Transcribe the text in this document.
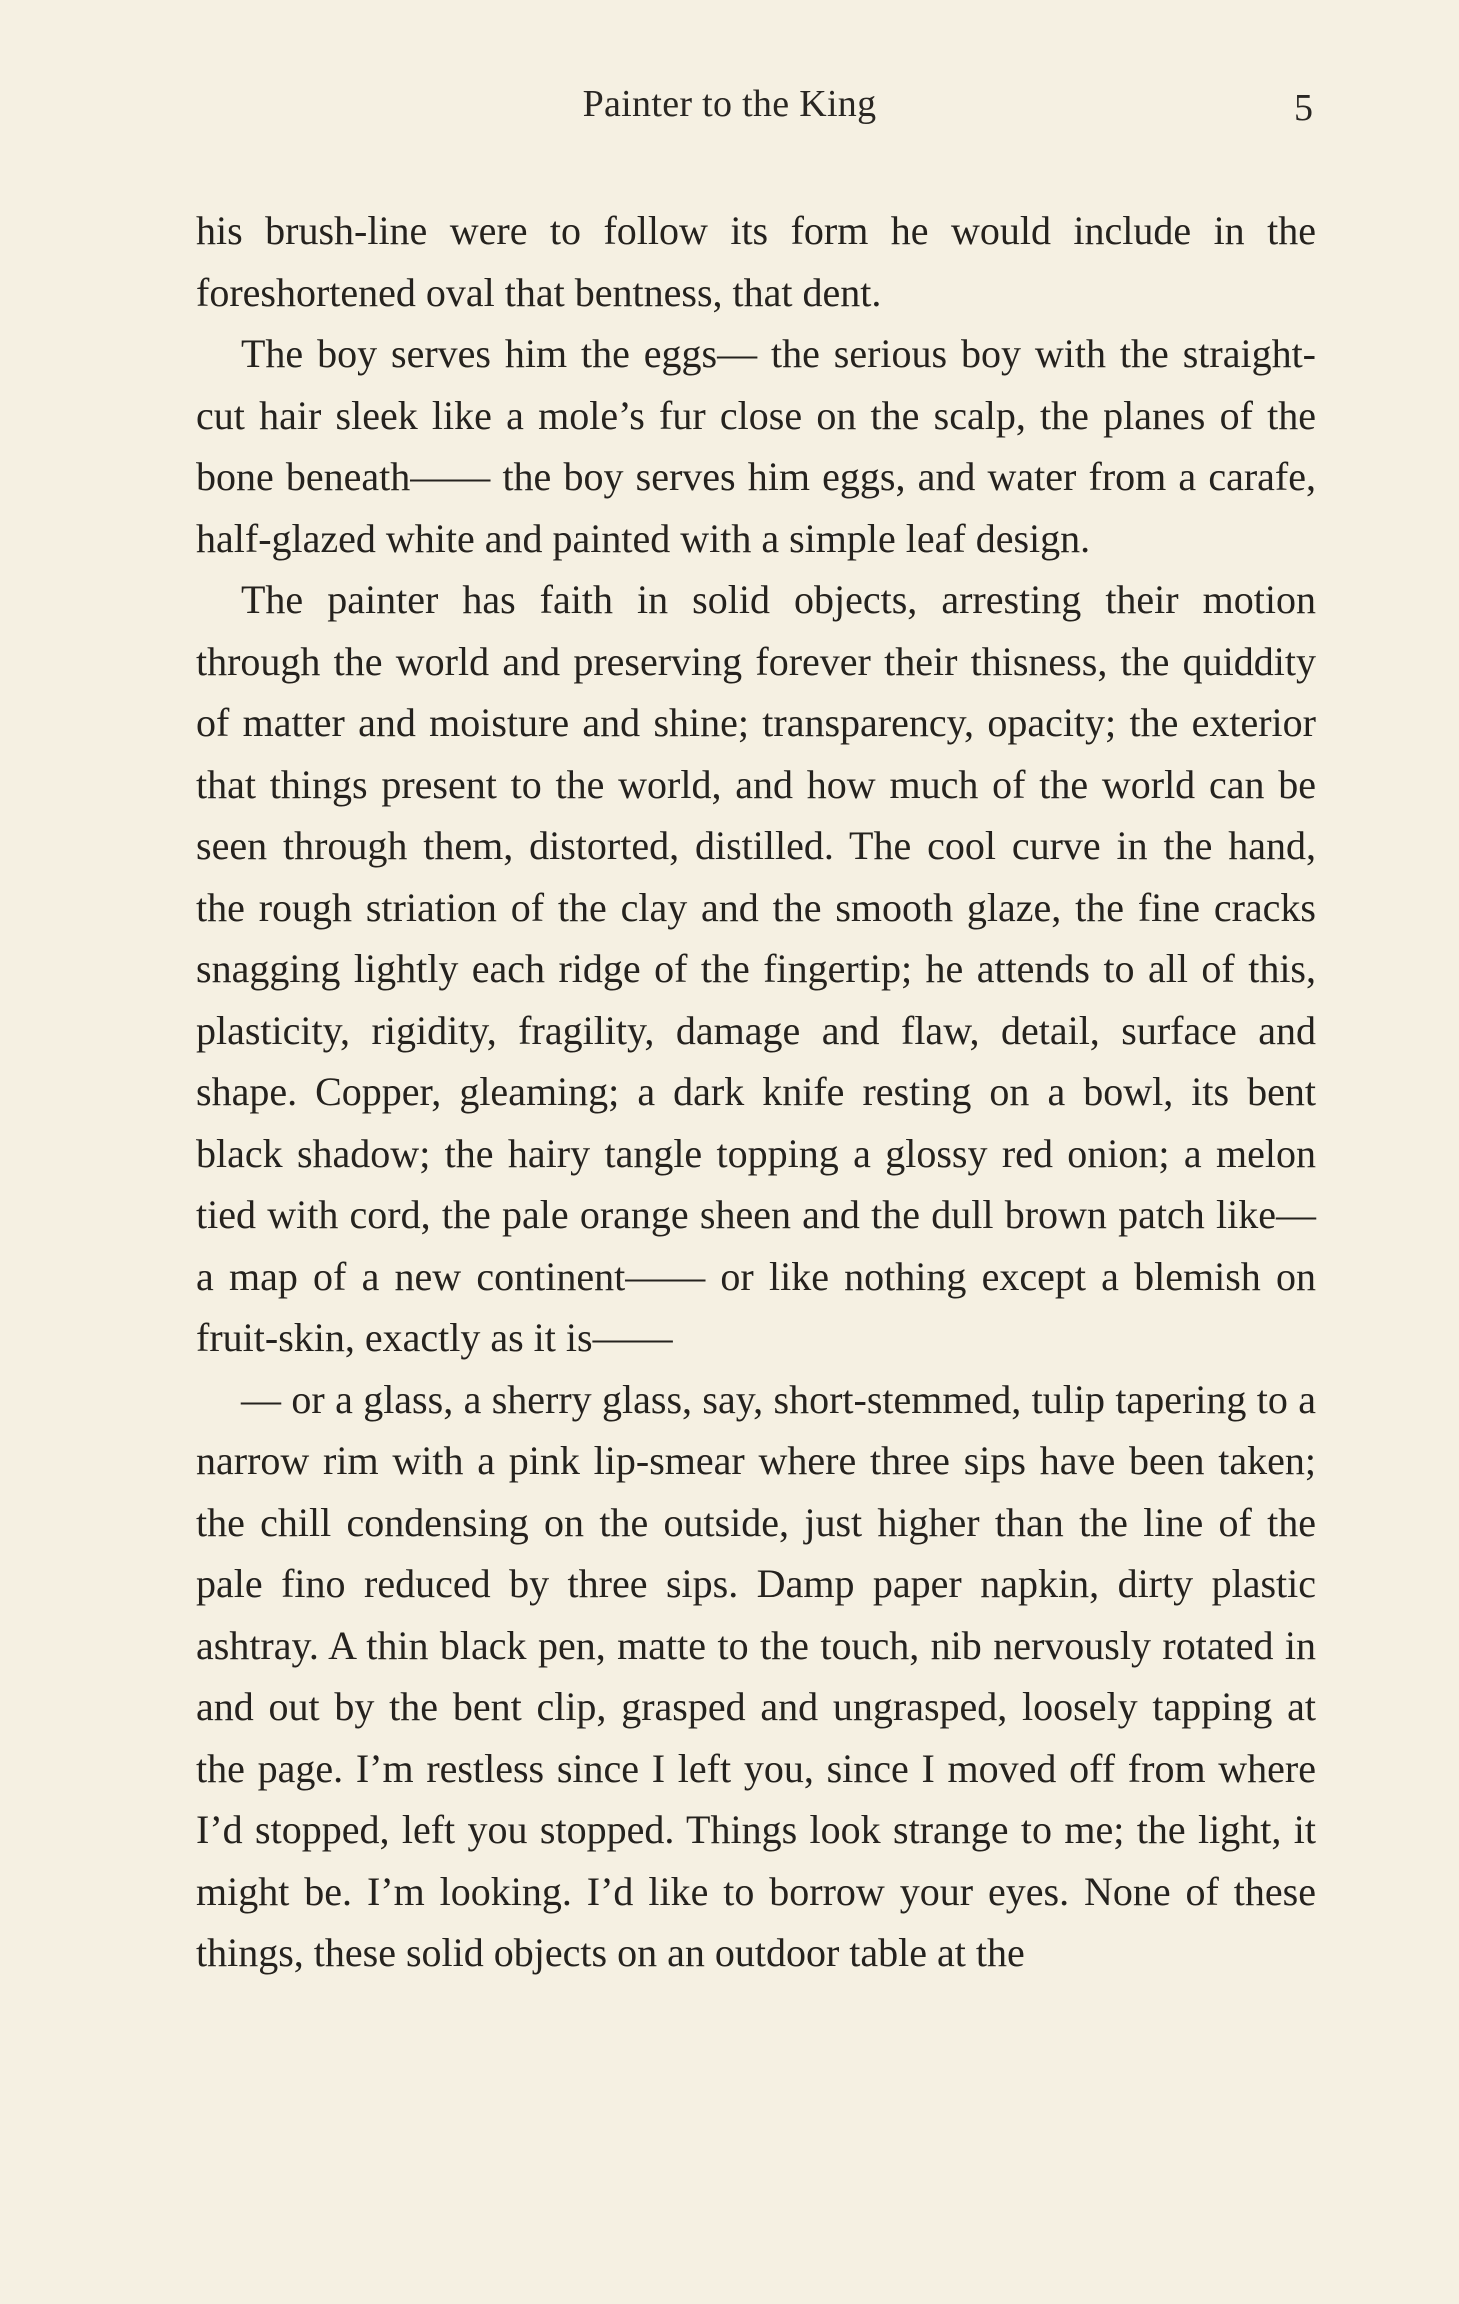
Painter to the King	5

his brush-line were to follow its form he would include in the foreshortened oval that bentness, that dent.

The boy serves him the eggs— the serious boy with the straight-cut hair sleek like a mole’s fur close on the scalp, the planes of the bone beneath—— the boy serves him eggs, and water from a carafe, half-glazed white and painted with a simple leaf design.

The painter has faith in solid objects, arresting their motion through the world and preserving forever their thisness, the quiddity of matter and moisture and shine; transparency, opacity; the exterior that things present to the world, and how much of the world can be seen through them, distorted, distilled. The cool curve in the hand, the rough striation of the clay and the smooth glaze, the fine cracks snagging lightly each ridge of the fingertip; he attends to all of this, plasticity, rigidity, fragility, damage and flaw, detail, surface and shape. Copper, gleaming; a dark knife resting on a bowl, its bent black shadow; the hairy tangle topping a glossy red onion; a melon tied with cord, the pale orange sheen and the dull brown patch like— a map of a new continent—— or like nothing except a blemish on fruit-skin, exactly as it is——

— or a glass, a sherry glass, say, short-stemmed, tulip tapering to a narrow rim with a pink lip-smear where three sips have been taken; the chill condensing on the outside, just higher than the line of the pale fino reduced by three sips. Damp paper napkin, dirty plastic ashtray. A thin black pen, matte to the touch, nib nervously rotated in and out by the bent clip, grasped and ungrasped, loosely tapping at the page. I’m restless since I left you, since I moved off from where I’d stopped, left you stopped. Things look strange to me; the light, it might be. I’m looking. I’d like to borrow your eyes. None of these things, these solid objects on an outdoor table at the
